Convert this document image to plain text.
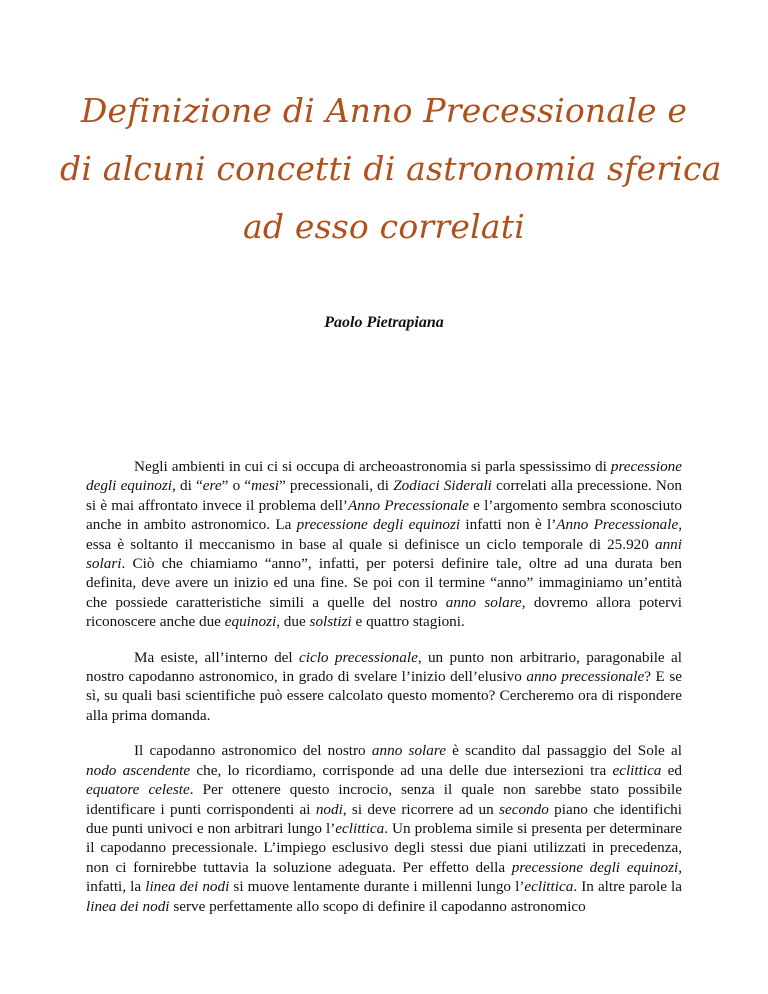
Definizione di Anno Precessionale e
di alcuni concetti di astronomia sferica
ad esso correlati
Paolo Pietrapiana

Negli ambienti in cui ci si occupa di archeoastronomia si parla spessissimo di precessione degli equinozi, di “ere” o “mesi” precessionali, di Zodiaci Siderali correlati alla precessione. Non si è mai affrontato invece il problema dell’Anno Precessionale e l’argomento sembra sconosciuto anche in ambito astronomico. La precessione degli equinozi infatti non è l’Anno Precessionale, essa è soltanto il meccanismo in base al quale si definisce un ciclo temporale di 25.920 anni solari. Ciò che chiamiamo “anno”, infatti, per potersi definire tale, oltre ad una durata ben definita, deve avere un inizio ed una fine. Se poi con il termine “anno” immaginiamo un’entità che possiede caratteristiche simili a quelle del nostro anno solare, dovremo allora potervi riconoscere anche due equinozi, due solstizi e quattro stagioni.

Ma esiste, all’interno del ciclo precessionale, un punto non arbitrario, paragonabile al nostro capodanno astronomico, in grado di svelare l’inizio dell’elusivo anno precessionale? E se sì, su quali basi scientifiche può essere calcolato questo momento? Cercheremo ora di rispondere alla prima domanda.

Il capodanno astronomico del nostro anno solare è scandito dal passaggio del Sole al nodo ascendente che, lo ricordiamo, corrisponde ad una delle due intersezioni tra eclittica ed equatore celeste. Per ottenere questo incrocio, senza il quale non sarebbe stato possibile identificare i punti corrispondenti ai nodi, si deve ricorrere ad un secondo piano che identifichi due punti univoci e non arbitrari lungo l’eclittica. Un problema simile si presenta per determinare il capodanno precessionale. L’impiego esclusivo degli stessi due piani utilizzati in precedenza, non ci fornirebbe tuttavia la soluzione adeguata. Per effetto della precessione degli equinozi, infatti, la linea dei nodi si muove lentamente durante i millenni lungo l’eclittica. In altre parole la linea dei nodi serve perfettamente allo scopo di definire il capodanno astronomico
